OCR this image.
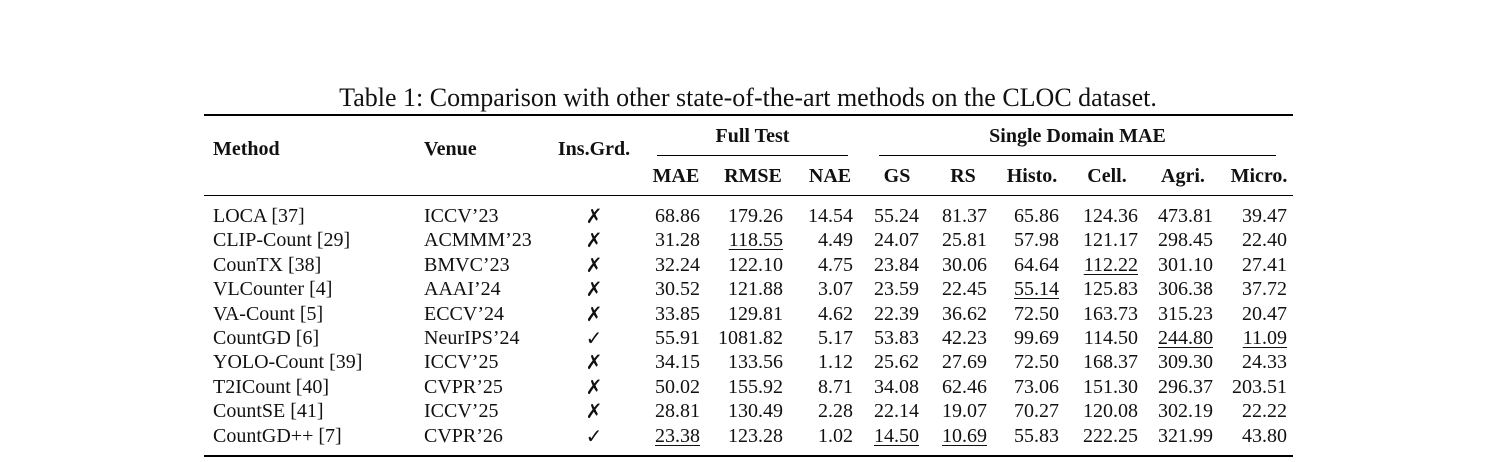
Table 1: Comparison with other state-of-the-art methods on the CLOC dataset.
Method	Venue	Ins.Grd.
Full Test	Single Domain MAE
MAE	RMSE	NAE	GS	RS	Histo.	Cell.	Agri.	Micro.
LOCA [37]	ICCV’23	✗	68.86	179.26	14.54	55.24	81.37	65.86	124.36	473.81	39.47
CLIP-Count [29]	ACMMM’23	✗	31.28	118.55	4.49	24.07	25.81	57.98	121.17	298.45	22.40
CounTX [38]	BMVC’23	✗	32.24	122.10	4.75	23.84	30.06	64.64	112.22	301.10	27.41
VLCounter [4]	AAAI’24	✗	30.52	121.88	3.07	23.59	22.45	55.14	125.83	306.38	37.72
VA-Count [5]	ECCV’24	✗	33.85	129.81	4.62	22.39	36.62	72.50	163.73	315.23	20.47
CountGD [6]	NeurIPS’24	✓	55.91 1081.82	5.17	53.83	42.23	99.69	114.50	244.80	11.09
YOLO-Count [39]	ICCV’25	✗	34.15	133.56	1.12	25.62	27.69	72.50	168.37	309.30	24.33
T2ICount [40]	CVPR’25	✗	50.02	155.92	8.71	34.08	62.46	73.06	151.30	296.37 203.51
CountSE [41]	ICCV’25	✗	28.81	130.49	2.28	22.14	19.07	70.27	120.08	302.19	22.22
CountGD++ [7]	CVPR’26	✓	23.38	123.28	1.02	14.50	10.69	55.83	222.25	321.99	43.80
